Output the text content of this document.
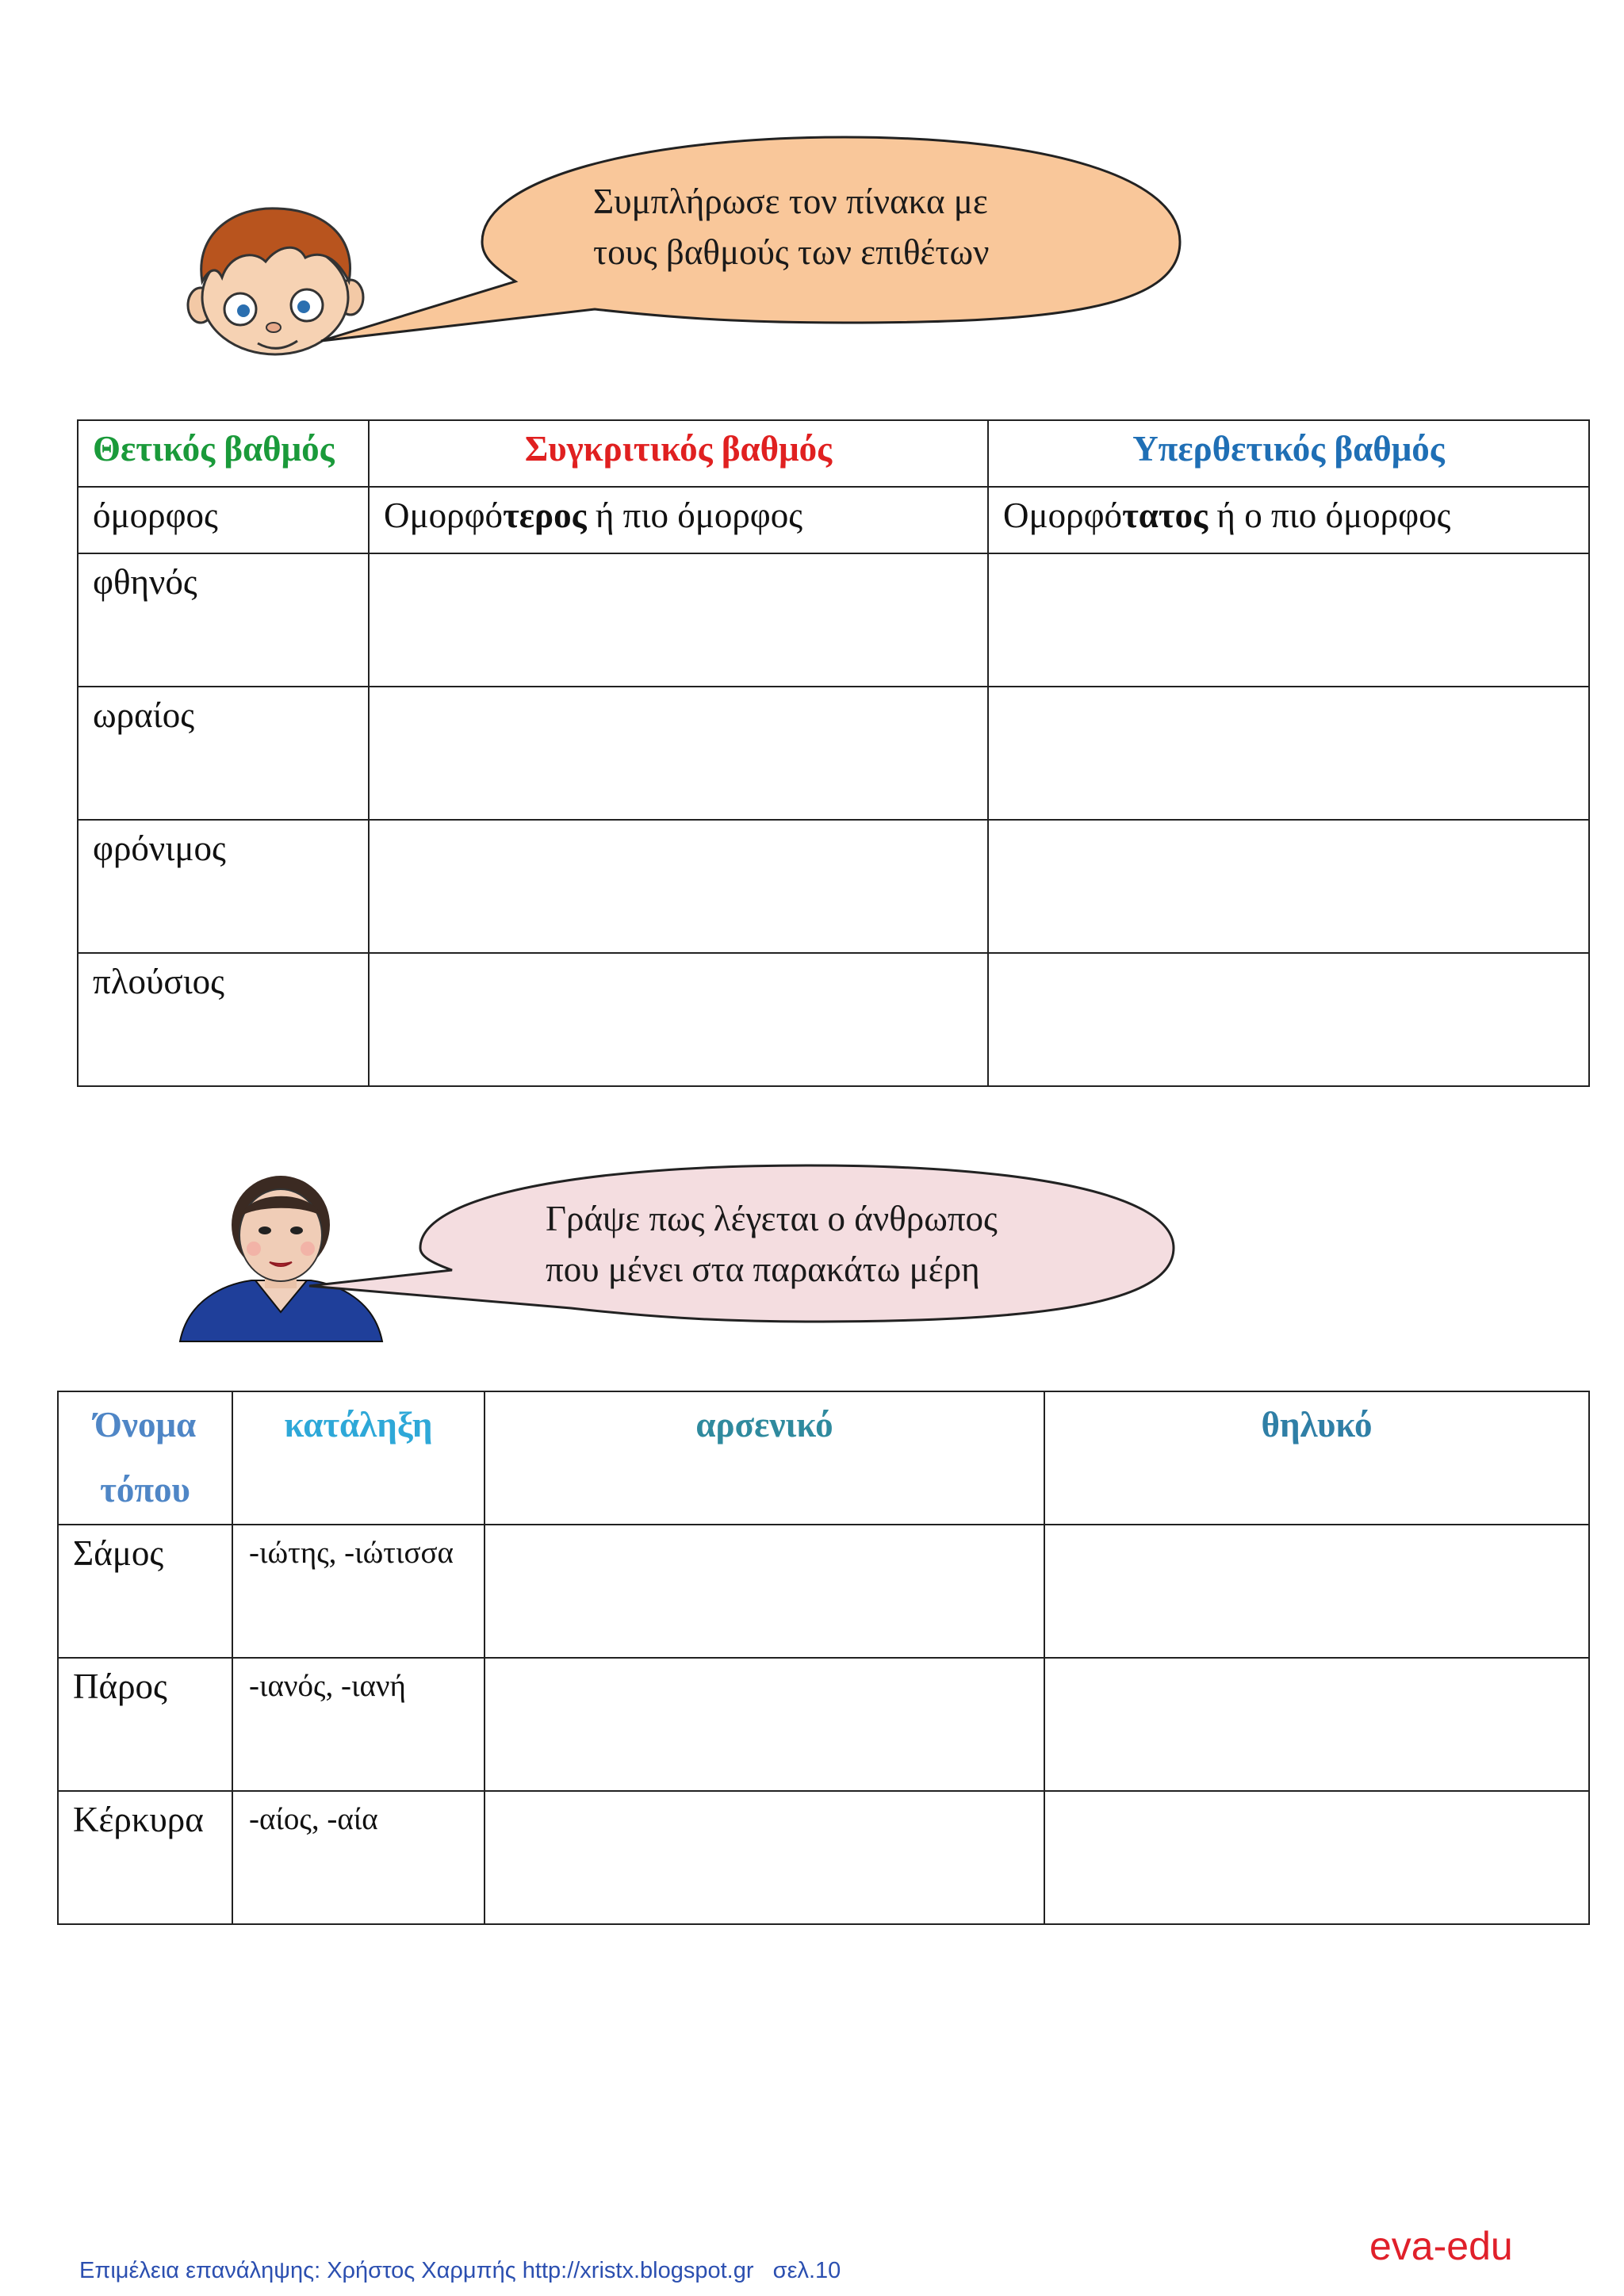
Συμπλήρωσε τον πίνακα με
τους βαθμούς των επιθέτων
Θετικός βαθμός	Συγκριτικός βαθμός	Υπερθετικός βαθμός
όμορφος	Ομορφότερος ή πιο όμορφος	Ομορφότατος ή ο πιο όμορφος
φθηνός		
ωραίος		
φρόνιμος		
πλούσιος		
Γράψε πως λέγεται ο άνθρωπος
που μένει στα παρακάτω μέρη
Όνομα τόπου	κατάληξη	αρσενικό	θηλυκό
Σάμος	-ιώτης, -ιώτισσα		
Πάρος	-ιανός, -ιανή		
Κέρκυρα	-αίος, -αία		
eva-edu
Επιμέλεια επανάληψης: Χρήστος Χαρμπής http://xristx.blogspot.gr   σελ.10
